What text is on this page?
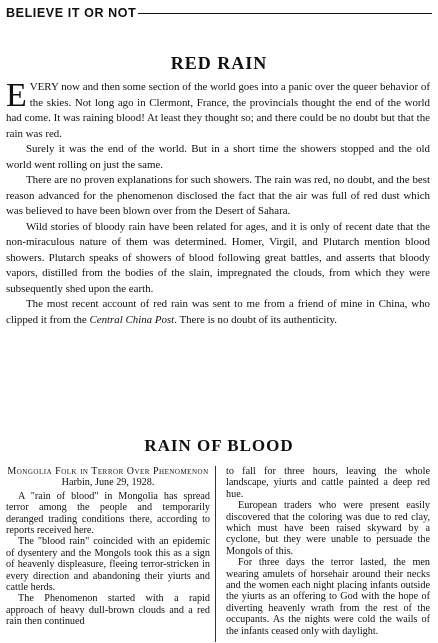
BELIEVE IT OR NOT
RED RAIN

EVERY now and then some section of the world goes into a panic over the queer behavior of the skies. Not long ago in Clermont, France, the provincials thought the end of the world had come. It was raining blood! At least they thought so; and there could be no doubt but that the rain was red.

Surely it was the end of the world. But in a short time the showers stopped and the old world went rolling on just the same.

There are no proven explanations for such showers. The rain was red, no doubt, and the best reason advanced for the phenomenon disclosed the fact that the air was full of red dust which was believed to have been blown over from the Desert of Sahara.

Wild stories of bloody rain have been related for ages, and it is only of recent date that the non-miraculous nature of them was determined. Homer, Virgil, and Plutarch mention blood showers. Plutarch speaks of showers of blood following great battles, and asserts that bloody vapors, distilled from the bodies of the slain, impregnated the clouds, from which they were subsequently shed upon the earth.

The most recent account of red rain was sent to me from a friend of mine in China, who clipped it from the Central China Post. There is no doubt of its authenticity.

RAIN OF BLOOD

Mongolia Folk in Terror Over Phenomenon

Harbin, June 29, 1928.

A "rain of blood" in Mongolia has spread terror among the people and temporarily deranged trading conditions there, according to reports received here.

The "blood rain" coincided with an epidemic of dysentery and the Mongols took this as a sign of heavenly displeasure, fleeing terror-stricken in every direction and abandoning their yiurts and cattle herds.

The Phenomenon started with a rapid approach of heavy dull-brown clouds and a red rain then continued

to fall for three hours, leaving the whole landscape, yiurts and cattle painted a deep red hue.

European traders who were present easily discovered that the coloring was due to red clay, which must have been raised skyward by a cyclone, but they were unable to persuade the Mongols of this.

For three days the terror lasted, the men wearing amulets of horsehair around their necks and the women each night placing infants outside the yiurts as an offering to God with the hope of diverting heavenly wrath from the rest of the occupants. As the nights were cold the wails of the infants ceased only with daylight.
